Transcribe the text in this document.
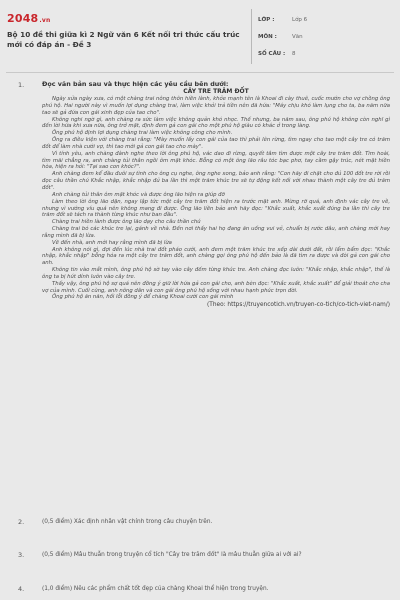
2048.vn
Bộ 10 đề thi giữa kì 2 Ngữ văn 6 Kết nối tri thức cấu trúc mới có đáp án - Đề 3
LỚP :	Lớp 6
MÔN :	Văn
SỐ CÂU :	8
1.	Đọc văn bản sau và thực hiện các yêu cầu bên dưới:
CÂY TRE TRĂM ĐỐT

Ngày xửa ngày xưa, có một chàng trai nông thôn hiền lành, khỏe mạnh tên là Khoai đi cày thuê, cuốc mướn cho vợ chồng ông phú hộ. Hai người này vì muốn lợi dụng chàng trai, làm việc khỏi trả tiền nên đã hứa: "Máy chịu khó làm lụng cho ta, ba năm nữa tao sẽ gả đứa con gái xinh đẹp của tao cho".

Không nghi ngờ gì, anh chàng ra sức làm việc không quản khó nhọc. Thế nhưng, ba năm sau, ông phú hộ không còn nghĩ gì đến lời hứa khi xưa nữa, ông trở mặt, định đem gả con gái cho một phú hộ giàu có khác ở trong làng.

Ông phú hộ định lợi dụng chàng trai làm việc không công cho mình.

Ông ra điều kiện với chàng trai rằng: "Mày muốn lấy con gái của tao thì phải lên rừng, tìm ngay cho tao một cây tre có trăm đốt để làm nhà cưới vợ, thì tao mới gả con gái tao cho mày".

Vì tính yêu, anh chàng đành nghe theo lời ông phú hộ, vác dao đi rừng, quyết tâm tìm được một cây tre trăm đốt. Tìm hoài, tìm mãi chẳng ra, anh chàng tủi thân ngồi ôm mặt khóc. Bỗng có một ông lão râu tóc bạc phơ, tay cầm gậy trúc, nét mặt hiền hòa, hiện ra hỏi: "Tại sao con khóc?".

Anh chàng đem kể đầu đuôi sự tình cho ông cụ nghe, ông nghe xong, bảo anh rằng: "Con hãy đi chặt cho đủ 100 đốt tre rời rồi đọc câu thần chú Khắc nhập, khắc nhập đủ ba lần thì một trăm khúc tre sẽ tự động kết nối với nhau thành một cây tre đủ trăm đốt".

Anh chàng tủi thân ôm mặt khóc và được ông lão hiện ra giúp đỡ

Làm theo lời ông lão dặn, ngay lập tức một cây tre trăm đốt hiện ra trước mặt anh. Mừng rỡ quá, anh định vác cây tre về, nhưng vì vướng víu quá nên không mang đi được. Ông lão liền bảo anh hãy đọc: "Khắc xuất, khắc xuất đúng ba lần thì cây tre trăm đốt sẽ tách ra thành từng khúc như ban đầu".

Chàng trai hiền lành được ông lão dạy cho câu thần chú

Chàng trai bó các khúc tre lại, gánh về nhà. Đến nơi thấy hai họ đang ăn uống vui vẻ, chuẩn bị rước dâu, anh chàng mới hay rằng mình đã bị lừa.

Về đến nhà, anh mới hay rằng mình đã bị lừa

Anh không nói gì, đợi đến lúc nhà trai đốt pháo cưới, anh đem một trăm khúc tre xếp dài dưới đất, rồi lẩm bẩm đọc: "Khắc nhập, khắc nhập" bỗng hóa ra một cây tre trăm đốt, anh chàng gọi ông phú hộ đến bảo là đã tìm ra được và đòi gả con gái cho anh.

Không tin vào mắt mình, ông phú hộ sờ tay vào cây đếm từng khúc tre. Anh chàng đọc luôn: "Khắc nhập, khắc nhập", thế là ông ta bị hút dính luôn vào cây tre.

Thấy vậy, ông phú hộ sợ quá nên đồng ý giữ lời hứa gả con gái cho, anh bèn đọc: "Khắc xuất, khắc xuất" để giải thoát cho cha vợ của mình. Cuối cùng, anh nông dân và con gái ông phú hộ sống với nhau hạnh phúc trọn đời.

Ông phú hộ ăn năn, hối lỗi đồng ý để chàng Khoai cưới con gái mình

(Theo: https://truyencotich.vn/truyen-co-tich/co-tich-viet-nam/)
2.	(0,5 điểm) Xác định nhân vật chính trong câu chuyện trên.
3.	(0,5 điểm) Mâu thuẫn trong truyện cổ tích "Cây tre trăm đốt" là mâu thuẫn giữa ai với ai?
4.	(1,0 điểm) Nêu các phẩm chất tốt đẹp của chàng Khoai thể hiện trong truyện.
